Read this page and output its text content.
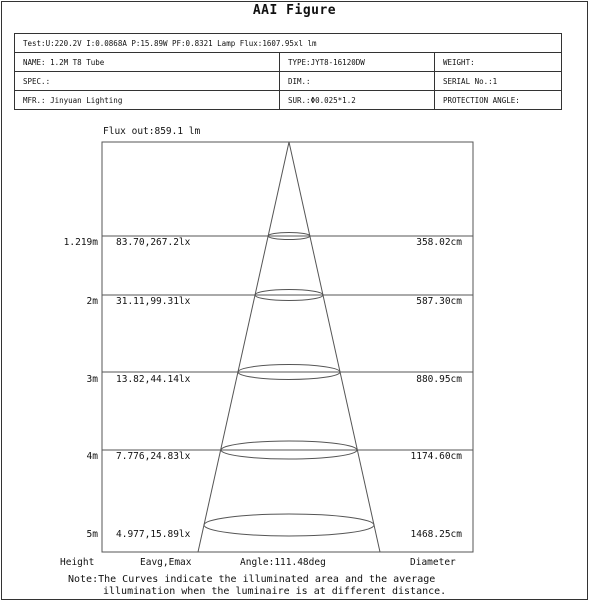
AAI Figure
Test:U:220.2V I:0.0868A P:15.89W PF:0.8321 Lamp Flux:1607.95xl lm		
NAME: 1.2M T8 Tube	TYPE:JYT8-16120DW	WEIGHT:
SPEC.:	DIM.:	SERIAL No.:1
MFR.: Jinyuan Lighting	SUR.:Φ0.025*1.2	PROTECTION ANGLE:
Flux out:859.1 lm
1.219m 83.70,267.2lx	358.02cm
2m 31.11,99.31lx	587.30cm
3m 13.82,44.14lx	880.95cm
4m 7.776,24.83lx	1174.60cm
5m 4.977,15.89lx	1468.25cm
Height	Eavg,Emax	Angle:111.48deg	Diameter
Note:The Curves indicate the illuminated area and the average
illumination when the luminaire is at different distance.
